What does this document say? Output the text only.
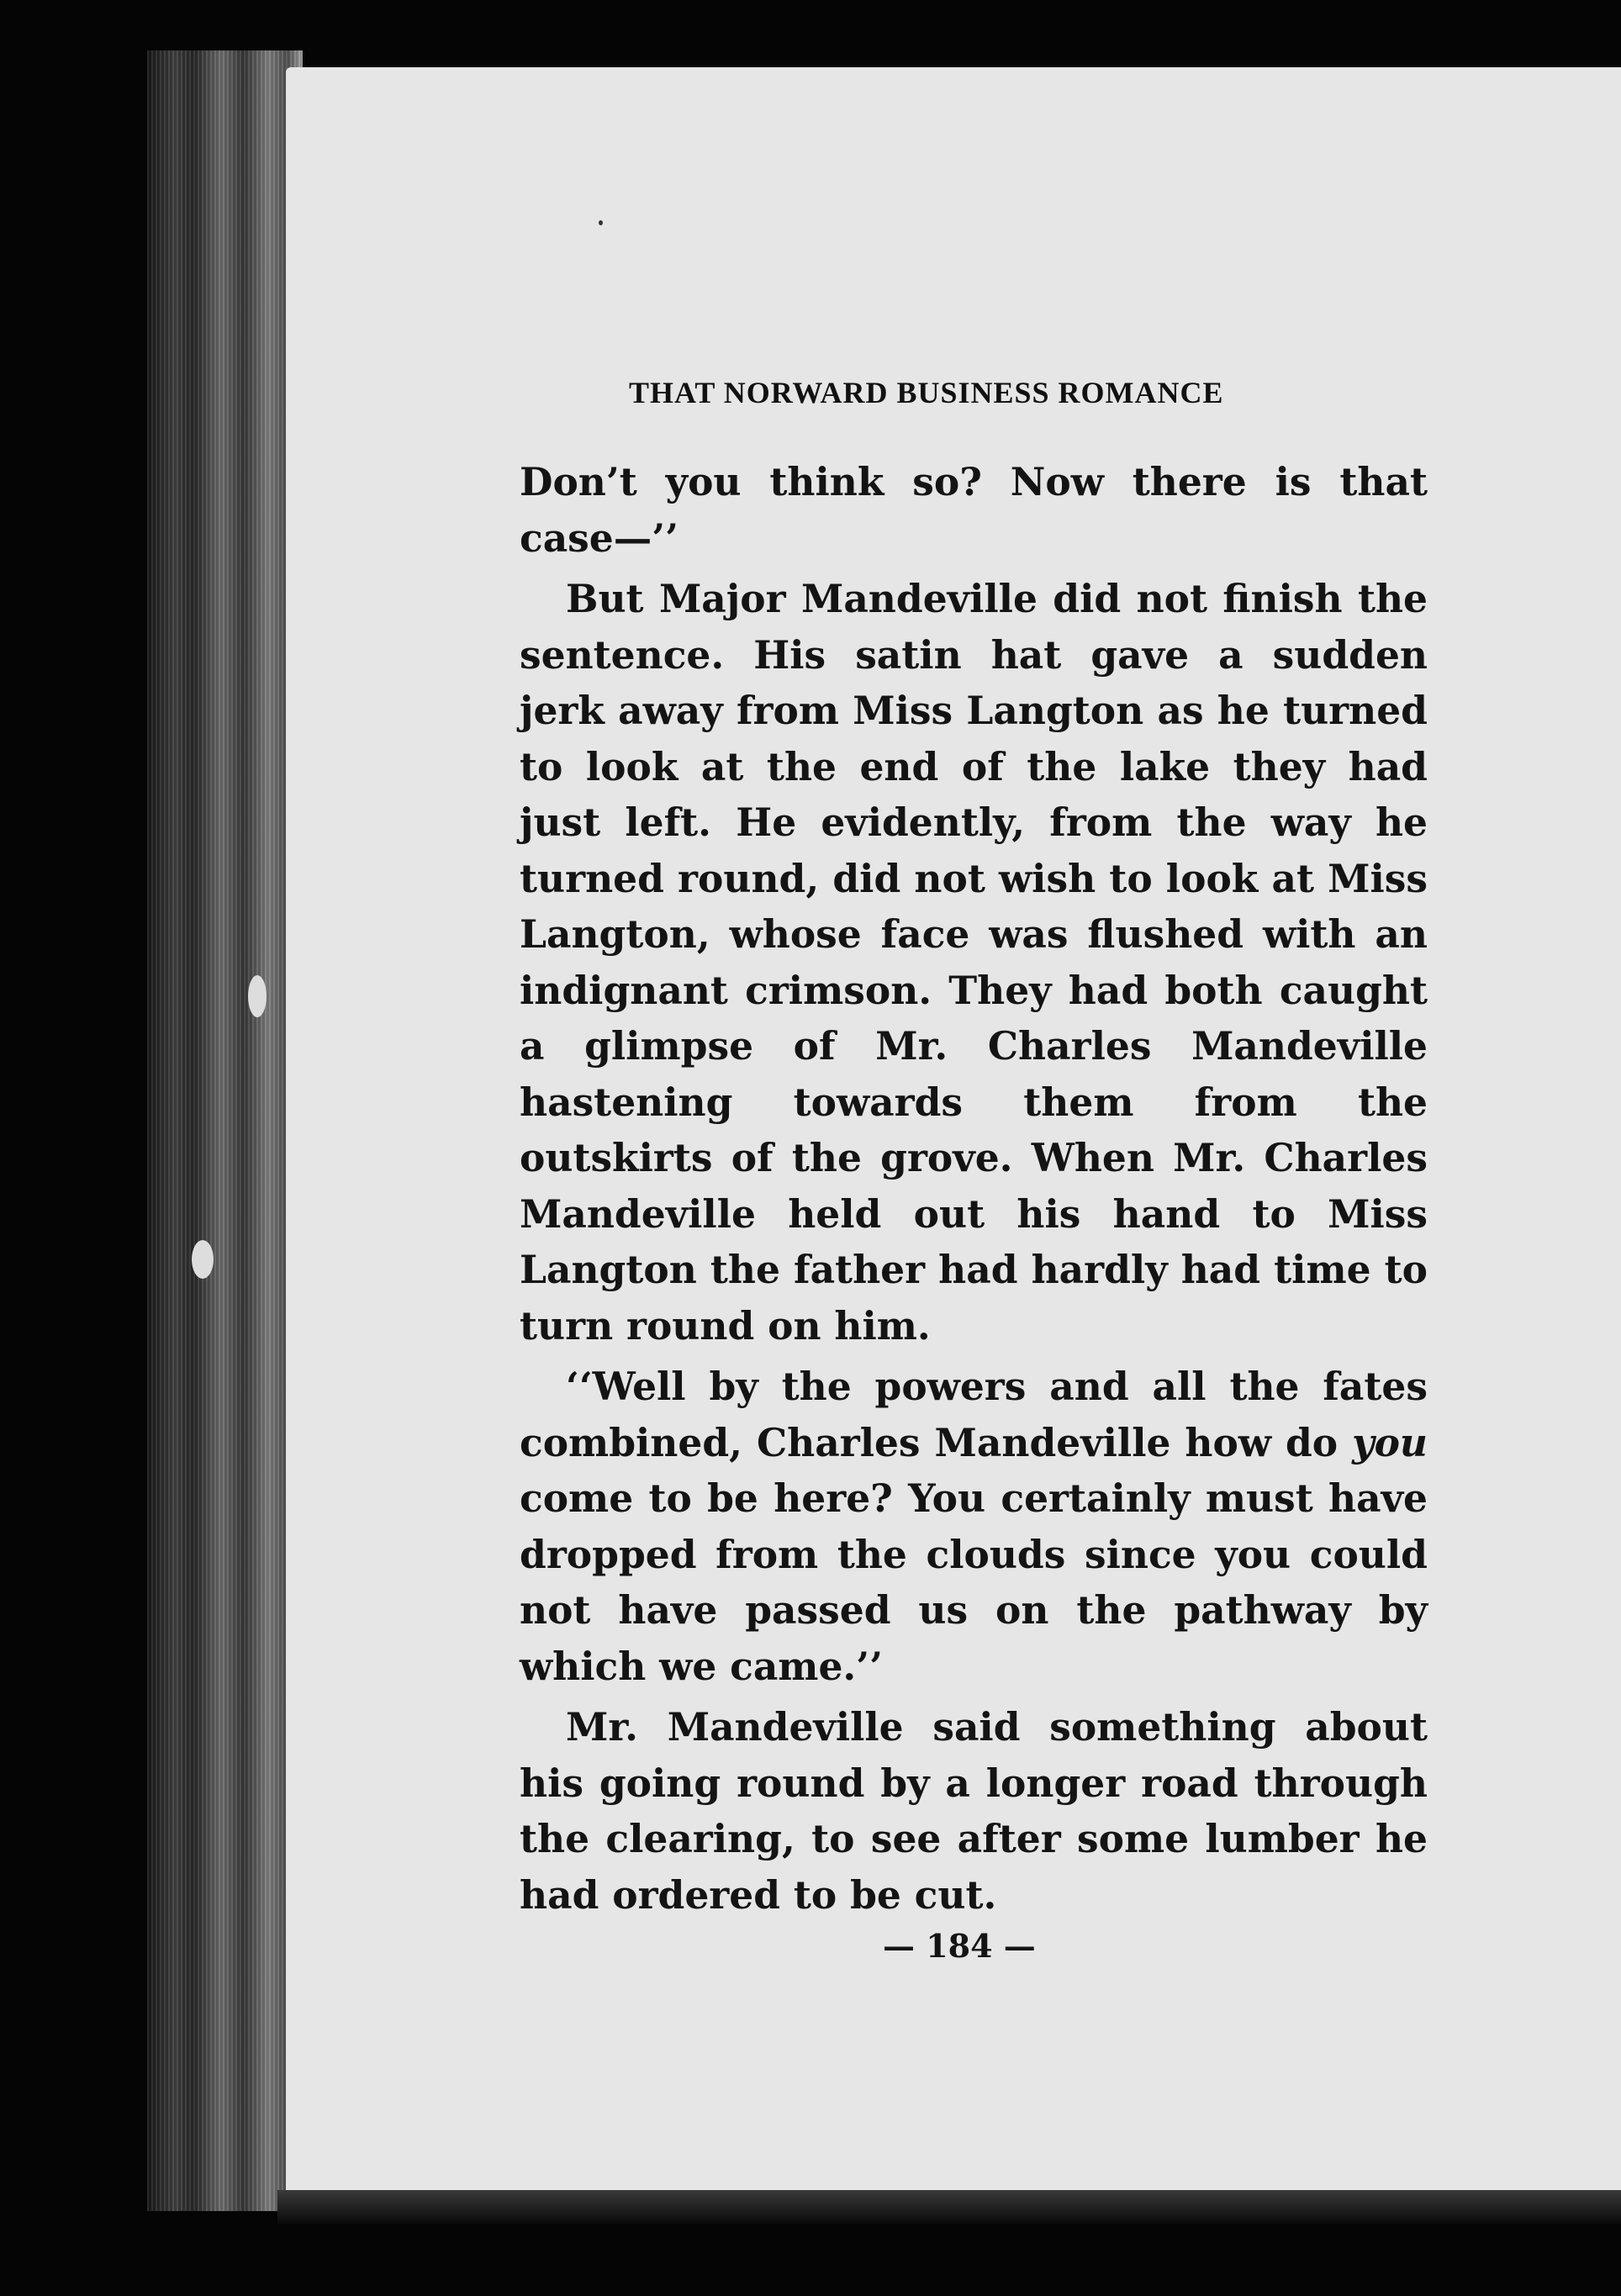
THAT NORWARD BUSINESS ROMANCE

Don’t you think so? Now there is that case—’’

But Major Mandeville did not finish the sentence. His satin hat gave a sudden jerk away from Miss Langton as he turned to look at the end of the lake they had just left. He evidently, from the way he turned round, did not wish to look at Miss Langton, whose face was flushed with an indignant crimson. They had both caught a glimpse of Mr. Charles Mandeville hastening towards them from the outskirts of the grove. When Mr. Charles Mandeville held out his hand to Miss Langton the father had hardly had time to turn round on him.

‘‘Well by the powers and all the fates combined, Charles Mandeville how do you come to be here? You certainly must have dropped from the clouds since you could not have passed us on the pathway by which we came.’’

Mr. Mandeville said something about his going round by a longer road through the clearing, to see after some lumber he had ordered to be cut.

— 184 —
